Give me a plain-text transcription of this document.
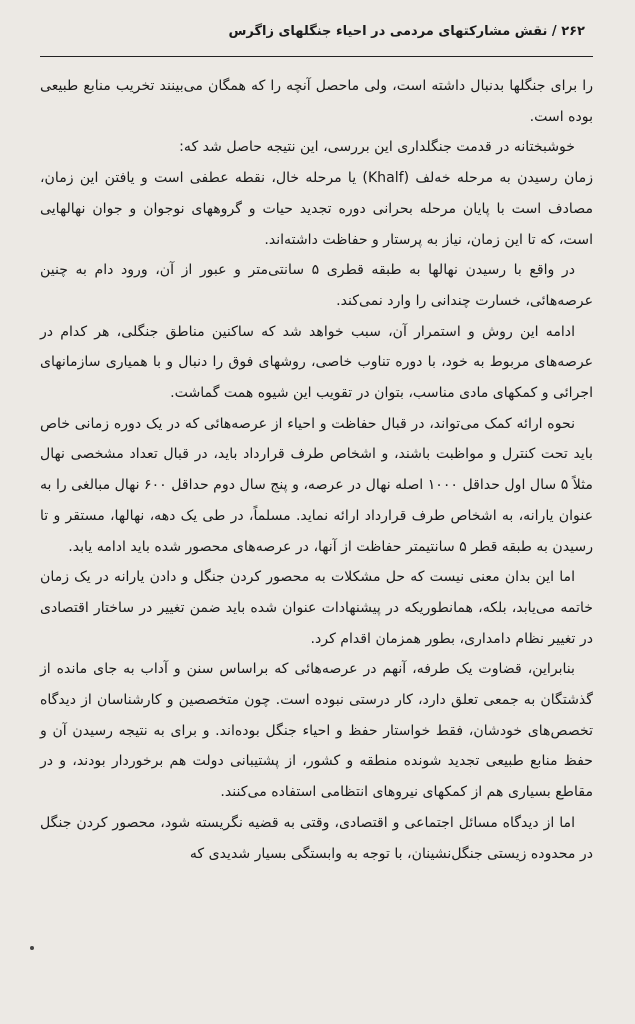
۲۶۲ / نقش مشارکتهای مردمی در احیاء جنگلهای زاگرس

را برای جنگلها بدنبال داشته است، ولی ماحصل آنچه را که همگان می‌بینند تخریب منابع طبیعی بوده است.

خوشبختانه در قدمت جنگلداری این بررسی، این نتیجه حاصل شد که:

زمان رسیدن به مرحله خه‌لف (Khalf) یا مرحله خال، نقطه عطفی است و یافتن این زمان، مصادف است با پایان مرحله بحرانی دوره تجدید حیات و گروههای نوجوان و جوان نهالهایی است، که تا این زمان، نیاز به پرستار و حفاظت داشته‌اند.

در واقع با رسیدن نهالها به طبقه قطری ۵ سانتی‌متر و عبور از آن، ورود دام به چنین عرصه‌هائی، خسارت چندانی را وارد نمی‌کند.

ادامه این روش و استمرار آن، سبب خواهد شد که ساکنین مناطق جنگلی، هر کدام در عرصه‌های مربوط به خود، با دوره تناوب خاصی، روشهای فوق را دنبال و با همیاری سازمانهای اجرائی و کمکهای مادی مناسب، بتوان در تقویب این شیوه همت گماشت.

نحوه ارائه کمک می‌تواند، در قبال حفاظت و احیاء از عرصه‌هائی که در یک دوره زمانی خاص باید تحت کنترل و مواظبت باشند، و اشخاص طرف قرارداد باید، در قبال تعداد مشخصی نهال مثلاً ۵ سال اول حداقل ۱۰۰۰ اصله نهال در عرصه، و پنج سال دوم حداقل ۶۰۰ نهال مبالغی را به عنوان یارانه، به اشخاص طرف قرارداد ارائه نماید. مسلماً، در طی یک دهه، نهالها، مستقر و تا رسیدن به طبقه قطر ۵ سانتیمتر حفاظت از آنها، در عرصه‌های محصور شده باید ادامه یابد.

اما این بدان معنی نیست که حل مشکلات به محصور کردن جنگل و دادن یارانه در یک زمان خاتمه می‌یابد، بلکه، همانطوریکه در پیشنهادات عنوان شده باید ضمن تغییر در ساختار اقتصادی در تغییر نظام دامداری، بطور همزمان اقدام کرد.

بنابراین، قضاوت یک طرفه، آنهم در عرصه‌هائی که براساس سنن و آداب به جای مانده از گذشتگان به جمعی تعلق دارد، کار درستی نبوده است. چون متخصصین و کارشناسان از دیدگاه تخصص‌های خودشان، فقط خواستار حفظ و احیاء جنگل بوده‌اند. و برای به نتیجه رسیدن آن و حفظ منابع طبیعی تجدید شونده منطقه و کشور، از پشتیبانی دولت هم برخوردار بودند، و در مقاطع بسیاری هم از کمکهای نیروهای انتظامی استفاده می‌کنند.

اما از دیدگاه مسائل اجتماعی و اقتصادی، وقتی به قضیه نگریسته شود، محصور کردن جنگل در محدوده زیستی جنگل‌نشینان، با توجه به وابستگی بسیار شدیدی که
